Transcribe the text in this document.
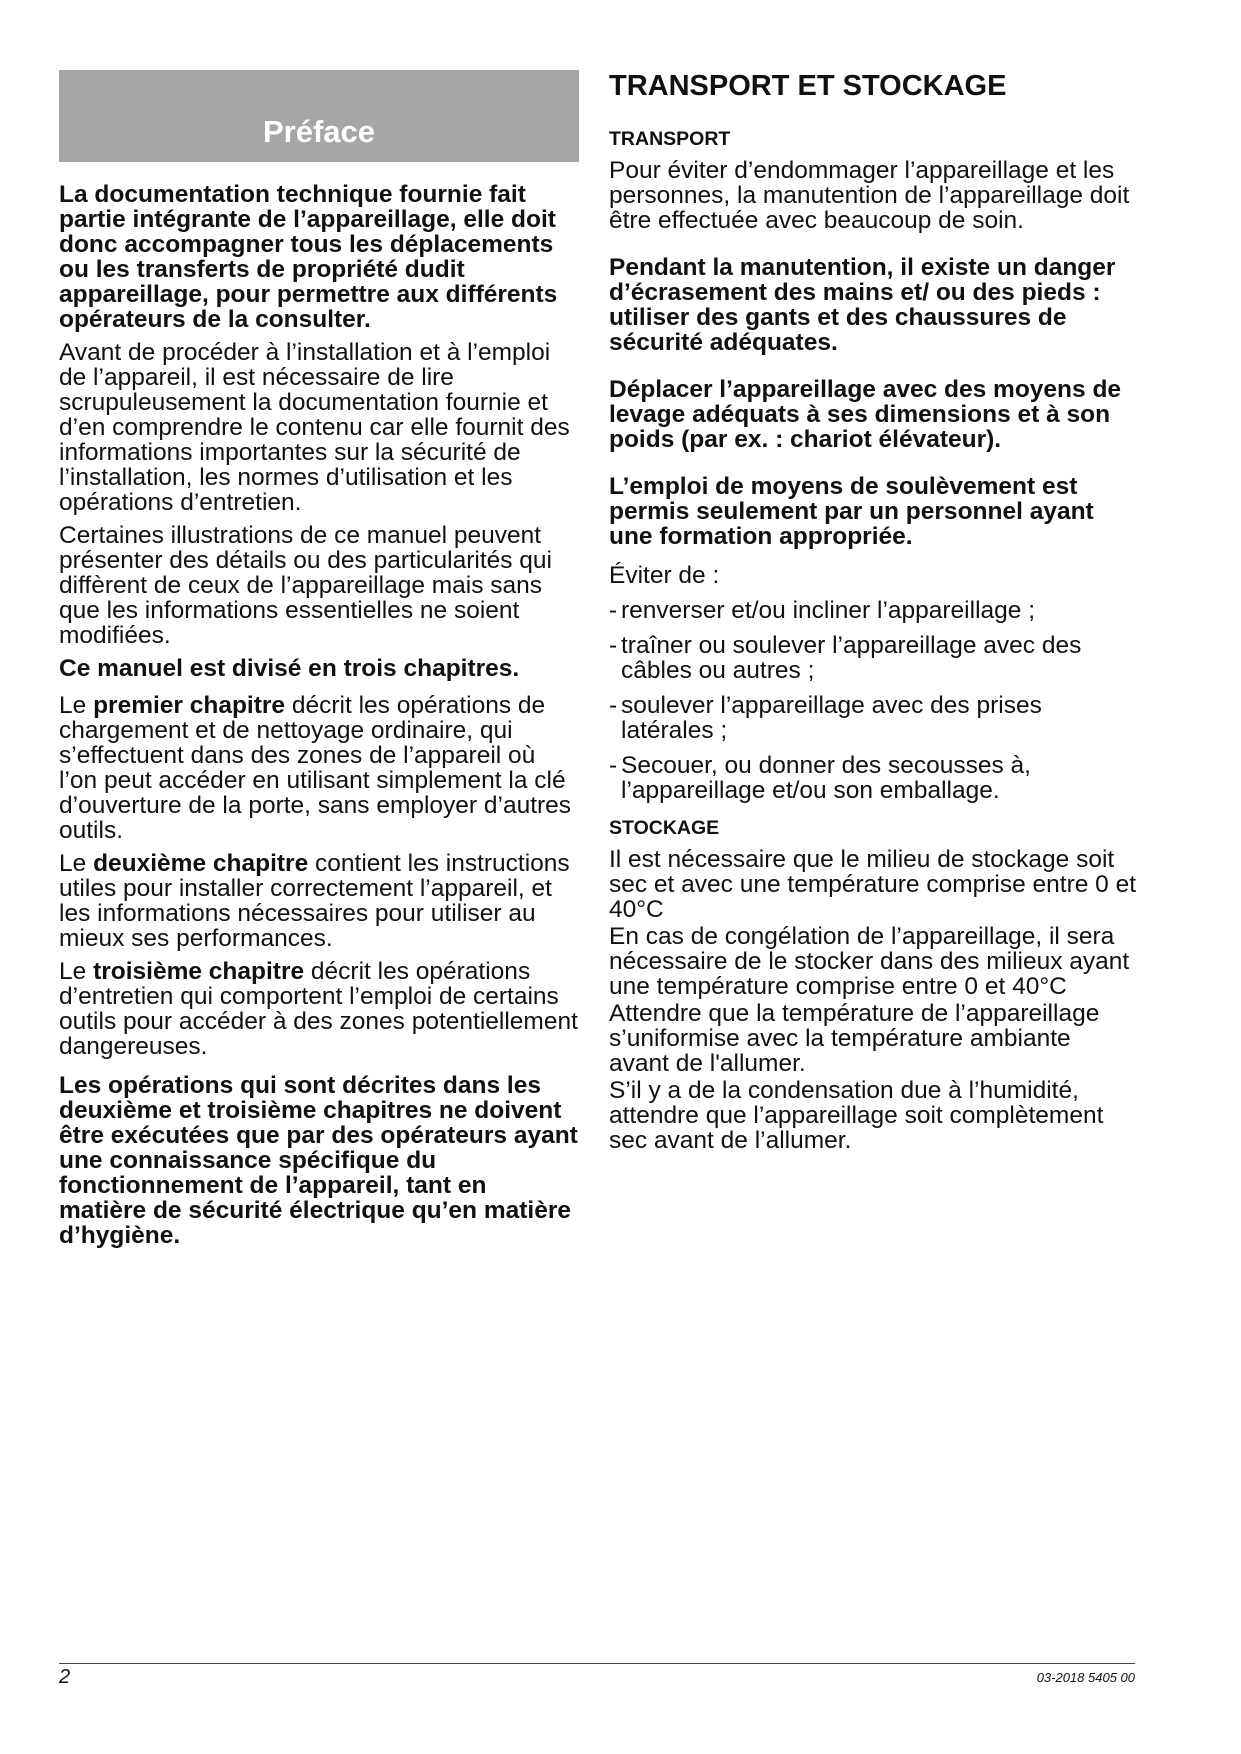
Préface

La documentation technique fournie fait partie intégrante de l’appareillage, elle doit donc accompagner tous les déplacements ou les transferts de propriété dudit appareillage, pour permettre aux différents opérateurs de la consulter.

Avant de procéder à l’installation et à l’emploi de l’appareil, il est nécessaire de lire scrupuleusement la documentation fournie et d’en comprendre le contenu car elle fournit des informations importantes sur la sécurité de l’installation, les normes d’utilisation et les opérations d’entretien.

Certaines illustrations de ce manuel peuvent présenter des détails ou des particularités qui diffèrent de ceux de l’appareillage mais sans que les informations essentielles ne soient modifiées.

Ce manuel est divisé en trois chapitres.

Le premier chapitre décrit les opérations de chargement et de nettoyage ordinaire, qui s’effectuent dans des zones de l’appareil où l’on peut accéder en utilisant simplement la clé d’ouverture de la porte, sans employer d’autres outils.

Le deuxième chapitre contient les instructions utiles pour installer correctement l’appareil, et les informations nécessaires pour utiliser au mieux ses performances.

Le troisième chapitre décrit les opérations d’entretien qui comportent l’emploi de certains outils pour accéder à des zones potentiellement dangereuses.

Les opérations qui sont décrites dans les deuxième et troisième chapitres ne doivent être exécutées que par des opérateurs ayant une connaissance spécifique du fonctionnement de l’appareil, tant en matière de sécurité électrique qu’en matière d’hygiène.

TRANSPORT ET STOCKAGE
TRANSPORT

Pour éviter d’endommager l’appareillage et les personnes, la manutention de l’appareillage doit être effectuée avec beaucoup de soin.

Pendant la manutention, il existe un danger d’écrasement des mains et/ ou des pieds : utiliser des gants et des chaussures de sécurité adéquates.

Déplacer l’appareillage avec des moyens de levage adéquats à ses dimensions et à son poids (par ex. : chariot élévateur).

L’emploi de moyens de soulèvement est permis seulement par un personnel ayant une formation appropriée.

Éviter de :

- renverser et/ou incliner l’appareillage ;
- traîner ou soulever l’appareillage avec des câbles ou autres ;
- soulever l’appareillage avec des prises latérales ;
- Secouer, ou donner des secousses à, l’appareillage et/ou son emballage.
STOCKAGE

Il est nécessaire que le milieu de stockage soit sec et avec une température comprise entre 0 et 40°C

En cas de congélation de l’appareillage, il sera nécessaire de le stocker dans des milieux ayant une température comprise entre 0 et 40°C

Attendre que la température de l’appareillage s’uniformise avec la température ambiante avant de l'allumer.

S’il y a de la condensation due à l’humidité, attendre que l’appareillage soit complètement sec avant de l’allumer.

2	03-2018 5405 00
